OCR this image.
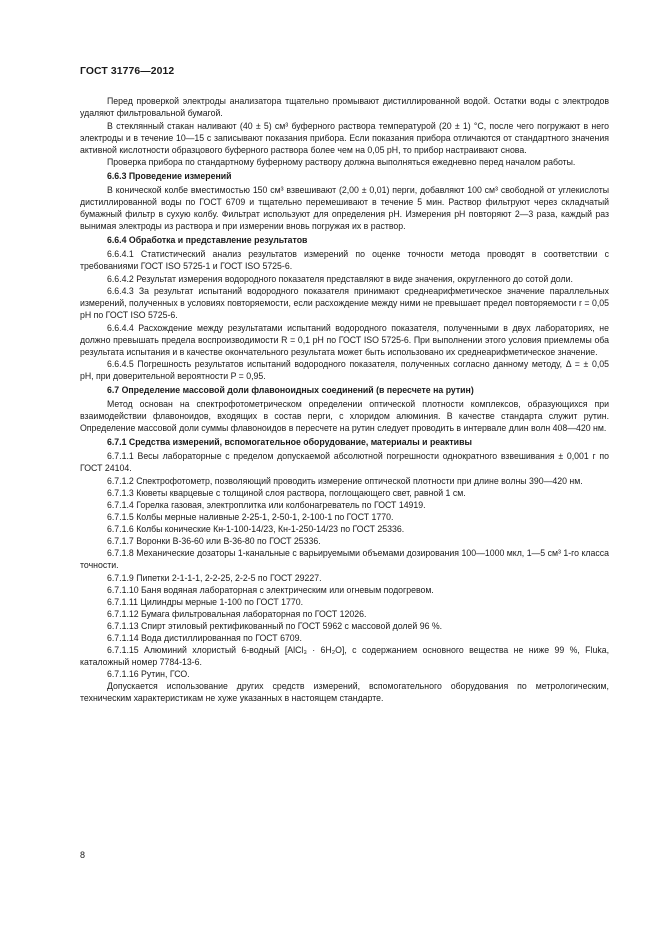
ГОСТ 31776—2012

Перед проверкой электроды анализатора тщательно промывают дистиллированной водой. Остатки воды с электродов удаляют фильтровальной бумагой.

В стеклянный стакан наливают (40 ± 5) см³ буферного раствора температурой (20 ± 1) °С, после чего погружают в него электроды и в течение 10—15 с записывают показания прибора. Если показания прибора отличаются от стандартного значения активной кислотности образцового буферного раствора более чем на 0,05 pH, то прибор настраивают снова.

Проверка прибора по стандартному буферному раствору должна выполняться ежедневно перед началом работы.

6.6.3 Проведение измерений

В конической колбе вместимостью 150 см³ взвешивают (2,00 ± 0,01) перги, добавляют 100 см³ свободной от углекислоты дистиллированной воды по ГОСТ 6709 и тщательно перемешивают в течение 5 мин. Раствор фильтруют через складчатый бумажный фильтр в сухую колбу. Фильтрат используют для определения pH. Измерения pH повторяют 2—3 раза, каждый раз вынимая электроды из раствора и при измерении вновь погружая их в раствор.

6.6.4 Обработка и представление результатов

6.6.4.1 Статистический анализ результатов измерений по оценке точности метода проводят в соответствии с требованиями ГОСТ ISO 5725-1 и ГОСТ ISO 5725-6.

6.6.4.2 Результат измерения водородного показателя представляют в виде значения, округленного до сотой доли.

6.6.4.3 За результат испытаний водородного показателя принимают среднеарифметическое значение параллельных измерений, полученных в условиях повторяемости, если расхождение между ними не превышает предел повторяемости r = 0,05 pH по ГОСТ ISO 5725-6.

6.6.4.4 Расхождение между результатами испытаний водородного показателя, полученными в двух лабораториях, не должно превышать предела воспроизводимости R = 0,1 pH по ГОСТ ISO 5725-6. При выполнении этого условия приемлемы оба результата испытания и в качестве окончательного результата может быть использовано их среднеарифметическое значение.

6.6.4.5 Погрешность результатов испытаний водородного показателя, полученных согласно данному методу, Δ = ± 0,05 pH, при доверительной вероятности P = 0,95.

6.7 Определение массовой доли флавоноидных соединений (в пересчете на рутин)

Метод основан на спектрофотометрическом определении оптической плотности комплексов, образующихся при взаимодействии флавоноидов, входящих в состав перги, с хлоридом алюминия. В качестве стандарта служит рутин. Определение массовой доли суммы флавоноидов в пересчете на рутин следует проводить в интервале длин волн 408—420 нм.

6.7.1 Средства измерений, вспомогательное оборудование, материалы и реактивы

6.7.1.1 Весы лабораторные с пределом допускаемой абсолютной погрешности однократного взвешивания ± 0,001 г по ГОСТ 24104.

6.7.1.2 Спектрофотометр, позволяющий проводить измерение оптической плотности при длине волны 390—420 нм.

6.7.1.3 Кюветы кварцевые с толщиной слоя раствора, поглощающего свет, равной 1 см.

6.7.1.4 Горелка газовая, электроплитка или колбонагреватель по ГОСТ 14919.

6.7.1.5 Колбы мерные наливные 2-25-1, 2-50-1, 2-100-1 по ГОСТ 1770.

6.7.1.6 Колбы конические Кн-1-100-14/23, Кн-1-250-14/23 по ГОСТ 25336.

6.7.1.7 Воронки В-36-60 или В-36-80 по ГОСТ 25336.

6.7.1.8 Механические дозаторы 1-канальные с варьируемыми объемами дозирования 100—1000 мкл, 1—5 см³ 1-го класса точности.

6.7.1.9 Пипетки 2-1-1-1, 2-2-25, 2-2-5 по ГОСТ 29227.

6.7.1.10 Баня водяная лабораторная с электрическим или огневым подогревом.

6.7.1.11 Цилиндры мерные 1-100 по ГОСТ 1770.

6.7.1.12 Бумага фильтровальная лабораторная по ГОСТ 12026.

6.7.1.13 Спирт этиловый ректификованный по ГОСТ 5962 с массовой долей 96 %.

6.7.1.14 Вода дистиллированная по ГОСТ 6709.

6.7.1.15 Алюминий хлористый 6-водный [AlCl₃ · 6H₂O], с содержанием основного вещества не ниже 99 %, Fluka, каталожный номер 7784-13-6.

6.7.1.16 Рутин, ГСО.

Допускается использование других средств измерений, вспомогательного оборудования по метрологическим, техническим характеристикам не хуже указанных в настоящем стандарте.

8
